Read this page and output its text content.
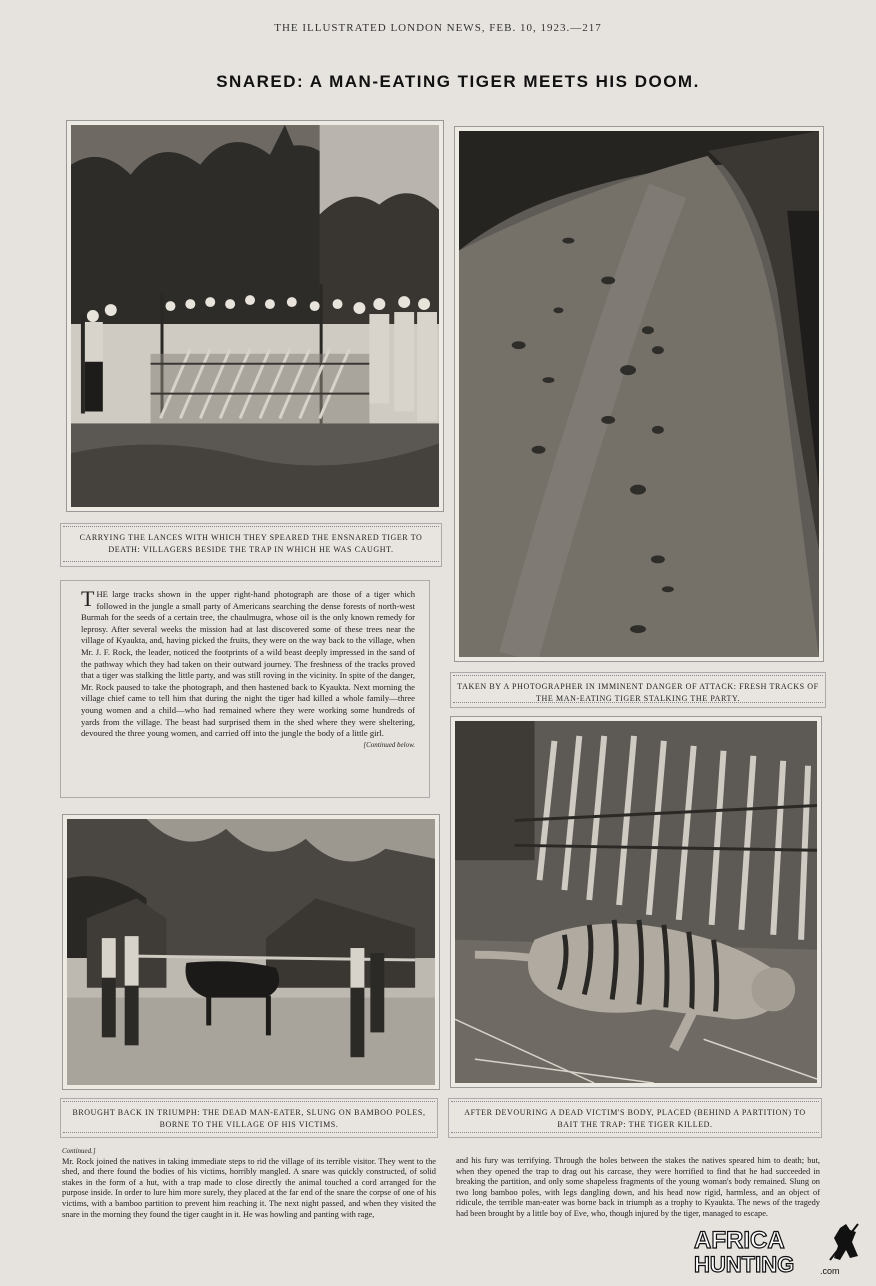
THE ILLUSTRATED LONDON NEWS, FEB. 10, 1923.—217
SNARED: A MAN-EATING TIGER MEETS HIS DOOM.
CARRYING THE LANCES WITH WHICH THEY SPEARED THE ENSNARED TIGER TO DEATH: VILLAGERS BESIDE THE TRAP IN WHICH HE WAS CAUGHT.
TAKEN BY A PHOTOGRAPHER IN IMMINENT DANGER OF ATTACK: FRESH TRACKS OF THE MAN-EATING TIGER STALKING THE PARTY.
THE large tracks shown in the upper right-hand photograph are those of a tiger which followed in the jungle a small party of Americans searching the dense forests of north-west Burmah for the seeds of a certain tree, the chaulmugra, whose oil is the only known remedy for leprosy. After several weeks the mission had at last discovered some of these trees near the village of Kyaukta, and, having picked the fruits, they were on the way back to the village, when Mr. J. F. Rock, the leader, noticed the footprints of a wild beast deeply impressed in the sand of the pathway which they had taken on their outward journey. The freshness of the tracks proved that a tiger was stalking the little party, and was still roving in the vicinity. In spite of the danger, Mr. Rock paused to take the photograph, and then hastened back to Kyaukta. Next morning the village chief came to tell him that during the night the tiger had killed a whole family—three young women and a child—who had remained where they were working some hundreds of yards from the village. The beast had surprised them in the shed where they were sheltering, devoured the three young women, and carried off into the jungle the body of a little girl.
[Continued below.
BROUGHT BACK IN TRIUMPH: THE DEAD MAN-EATER, SLUNG ON BAMBOO POLES, BORNE TO THE VILLAGE OF HIS VICTIMS.
AFTER DEVOURING A DEAD VICTIM'S BODY, PLACED (BEHIND A PARTITION) TO BAIT THE TRAP: THE TIGER KILLED.
Continued.]
Mr. Rock joined the natives in taking immediate steps to rid the village of its terrible visitor. They went to the shed, and there found the bodies of his victims, horribly mangled. A snare was quickly constructed, of solid stakes in the form of a hut, with a trap made to close directly the animal touched a cord arranged for the purpose inside. In order to lure him more surely, they placed at the far end of the snare the corpse of one of his victims, with a bamboo partition to prevent him reaching it. The next night passed, and when they visited the snare in the morning they found the tiger caught in it. He was howling and panting with rage,
and his fury was terrifying. Through the holes between the stakes the natives speared him to death; but, when they opened the trap to drag out his carcase, they were horrified to find that he had succeeded in breaking the partition, and only some shapeless fragments of the young woman's body remained. Slung on two long bamboo poles, with legs dangling down, and his head now rigid, harmless, and an object of ridicule, the terrible man-eater was borne back in triumph as a trophy to Kyaukta. The news of the tragedy had been brought by a little boy of Eve, who, though injured by the tiger, managed to escape.
AFRICA
HUNTING	.com
